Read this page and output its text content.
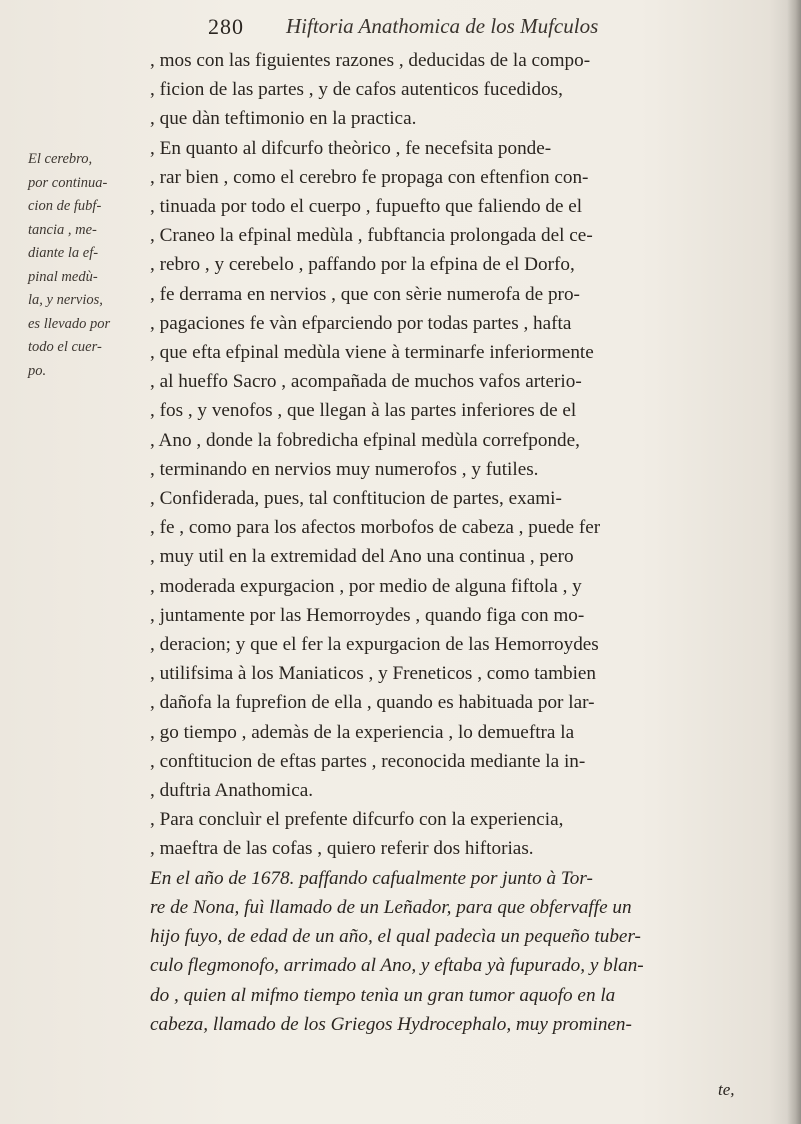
280 Hiftoria Anathomica de los Mufculos
El cerebro,
por continua-
cion de fubf-
tancia , me-
diante la ef-
pinal medù-
la, y nervios,
es llevado por
todo el cuer-
po.
, mos con las figuientes razones , deducidas de la compo-
, ficion de las partes , y de cafos autenticos fucedidos,
, que dàn teftimonio en la practica.
, En quanto al difcurfo theòrico , fe necefsita ponde-
, rar bien , como el cerebro fe propaga con eftenfion con-
, tinuada por todo el cuerpo , fupuefto que faliendo de el
, Craneo la efpinal medùla , fubftancia prolongada del ce-
, rebro , y cerebelo , paffando por la efpina de el Dorfo,
, fe derrama en nervios , que con sèrie numerofa de pro-
, pagaciones fe vàn efparciendo por todas partes , hafta
, que efta efpinal medùla viene à terminarfe inferiormente
, al hueffo Sacro , acompañada de muchos vafos arterio-
, fos , y venofos , que llegan à las partes inferiores de el
, Ano , donde la fobredicha efpinal medùla correfponde,
, terminando en nervios muy numerofos , y futiles.
, Confiderada, pues, tal conftitucion de partes, exami-
, fe , como para los afectos morbofos de cabeza , puede fer
, muy util en la extremidad del Ano una continua , pero
, moderada expurgacion , por medio de alguna fiftola , y
, juntamente por las Hemorroydes , quando figa con mo-
, deracion; y que el fer la expurgacion de las Hemorroydes
, utilifsima à los Maniaticos , y Freneticos , como tambien
, dañofa la fuprefion de ella , quando es habituada por lar-
, go tiempo , ademàs de la experiencia , lo demueftra la
, conftitucion de eftas partes , reconocida mediante la in-
, duftria Anathomica.
, Para concluìr el prefente difcurfo con la experiencia,
, maeftra de las cofas , quiero referir dos hiftorias.
En el año de 1678. paffando cafualmente por junto à Tor-
re de Nona, fuì llamado de un Leñador, para que obfervaffe un
hijo fuyo, de edad de un año, el qual padecìa un pequeño tuber-
culo flegmonofo, arrimado al Ano, y eftaba yà fupurado, y blan-
do , quien al mifmo tiempo tenìa un gran tumor aquofo en la
cabeza, llamado de los Griegos Hydrocephalo, muy prominen-
te,
